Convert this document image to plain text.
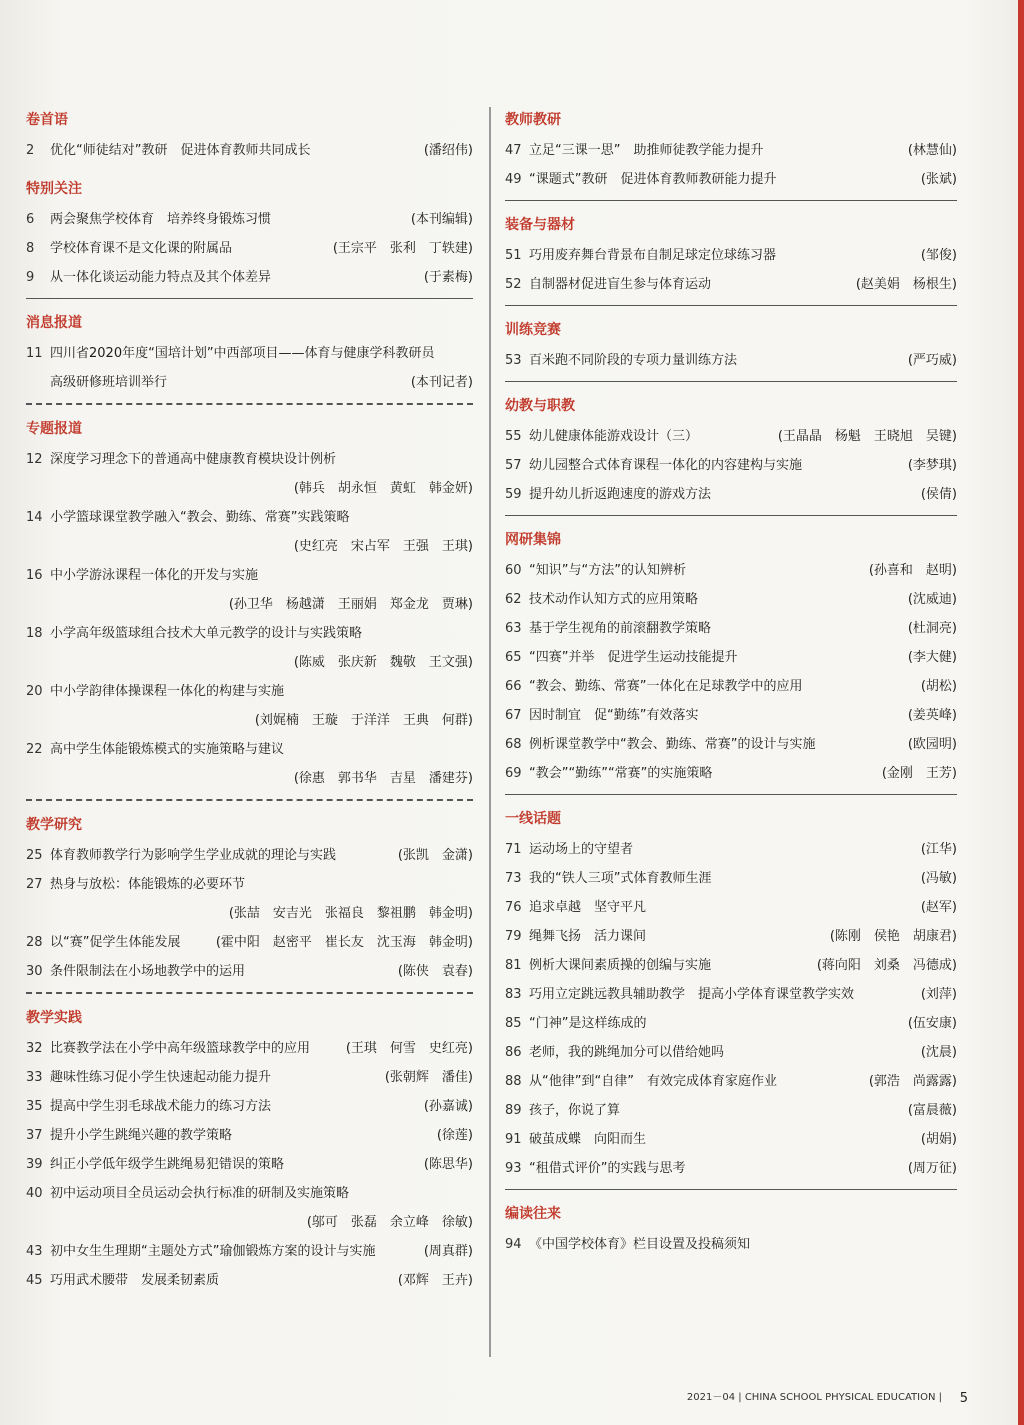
卷首语
2 优化“师徒结对”教研　促进体育教师共同成长	(潘绍伟)
特别关注
6 两会聚焦学校体育　培养终身锻炼习惯	(本刊编辑)
8 学校体育课不是文化课的附属品	(王宗平　张利　丁轶建)
9 从一体化谈运动能力特点及其个体差异	(于素梅)
消息报道
11 四川省2020年度“国培计划”中西部项目——体育与健康学科教研员
高级研修班培训举行	(本刊记者)
专题报道
12 深度学习理念下的普通高中健康教育模块设计例析
(韩兵　胡永恒　黄虹　韩金妍)
14 小学篮球课堂教学融入“教会、勤练、常赛”实践策略
(史红亮　宋占军　王强　王琪)
16 中小学游泳课程一体化的开发与实施
(孙卫华　杨越潇　王丽娟　郑金龙　贾琳)
18 小学高年级篮球组合技术大单元教学的设计与实践策略
(陈威　张庆新　魏敬　王文强)
20 中小学韵律体操课程一体化的构建与实施
(刘娓楠　王璇　于洋洋　王典　何群)
22 高中学生体能锻炼模式的实施策略与建议
(徐惠　郭书华　吉星　潘建芬)
教学研究
25 体育教师教学行为影响学生学业成就的理论与实践	(张凯　金潇)
27 热身与放松：体能锻炼的必要环节
(张喆　安吉光　张福良　黎祖鹏　韩金明)
28 以“赛”促学生体能发展	(霍中阳　赵密平　崔长友　沈玉海　韩金明)
30 条件限制法在小场地教学中的运用	(陈侠　袁春)
教学实践
32 比赛教学法在小学中高年级篮球教学中的应用	(王琪　何雪　史红亮)
33 趣味性练习促小学生快速起动能力提升	(张朝辉　潘佳)
35 提高中学生羽毛球战术能力的练习方法	(孙嘉诚)
37 提升小学生跳绳兴趣的教学策略	(徐莲)
39 纠正小学低年级学生跳绳易犯错误的策略	(陈思华)
40 初中运动项目全员运动会执行标准的研制及实施策略
(邬可　张磊　余立峰　徐敏)
43 初中女生生理期“主题处方式”瑜伽锻炼方案的设计与实施	(周真群)
45 巧用武术腰带　发展柔韧素质	(邓辉　王卉)
教师教研
47 立足“三课一思”　助推师徒教学能力提升	(林慧仙)
49 “课题式”教研　促进体育教师教研能力提升	(张斌)
装备与器材
51 巧用废弃舞台背景布自制足球定位球练习器	(邹俊)
52 自制器材促进盲生参与体育运动	(赵美娟　杨根生)
训练竞赛
53 百米跑不同阶段的专项力量训练方法	(严巧威)
幼教与职教
55 幼儿健康体能游戏设计（三）	(王晶晶　杨魁　王晓旭　吴键)
57 幼儿园整合式体育课程一体化的内容建构与实施	(李梦琪)
59 提升幼儿折返跑速度的游戏方法	(侯倩)
网研集锦
60 “知识”与“方法”的认知辨析	(孙喜和　赵明)
62 技术动作认知方式的应用策略	(沈威迪)
63 基于学生视角的前滚翻教学策略	(杜洞亮)
65 “四赛”并举　促进学生运动技能提升	(李大健)
66 “教会、勤练、常赛”一体化在足球教学中的应用	(胡松)
67 因时制宜　促“勤练”有效落实	(姜英峰)
68 例析课堂教学中“教会、勤练、常赛”的设计与实施	(欧园明)
69 “教会”“勤练”“常赛”的实施策略	(金刚　王芳)
一线话题
71 运动场上的守望者	(江华)
73 我的“铁人三项”式体育教师生涯	(冯敏)
76 追求卓越　坚守平凡	(赵军)
79 绳舞飞扬　活力课间	(陈刚　侯艳　胡康君)
81 例析大课间素质操的创编与实施	(蒋向阳　刘桑　冯德成)
83 巧用立定跳远教具辅助教学　提高小学体育课堂教学实效	(刘萍)
85 “门神”是这样练成的	(伍安康)
86 老师，我的跳绳加分可以借给她吗	(沈晨)
88 从“他律”到“自律”　有效完成体育家庭作业	(郭浩　尚露露)
89 孩子，你说了算	(富晨薇)
91 破茧成蝶　向阳而生	(胡娟)
93 “租借式评价”的实践与思考	(周万征)
编读往来
94 《中国学校体育》栏目设置及投稿须知
2021－04 | CHINA SCHOOL PHYSICAL EDUCATION | 5
